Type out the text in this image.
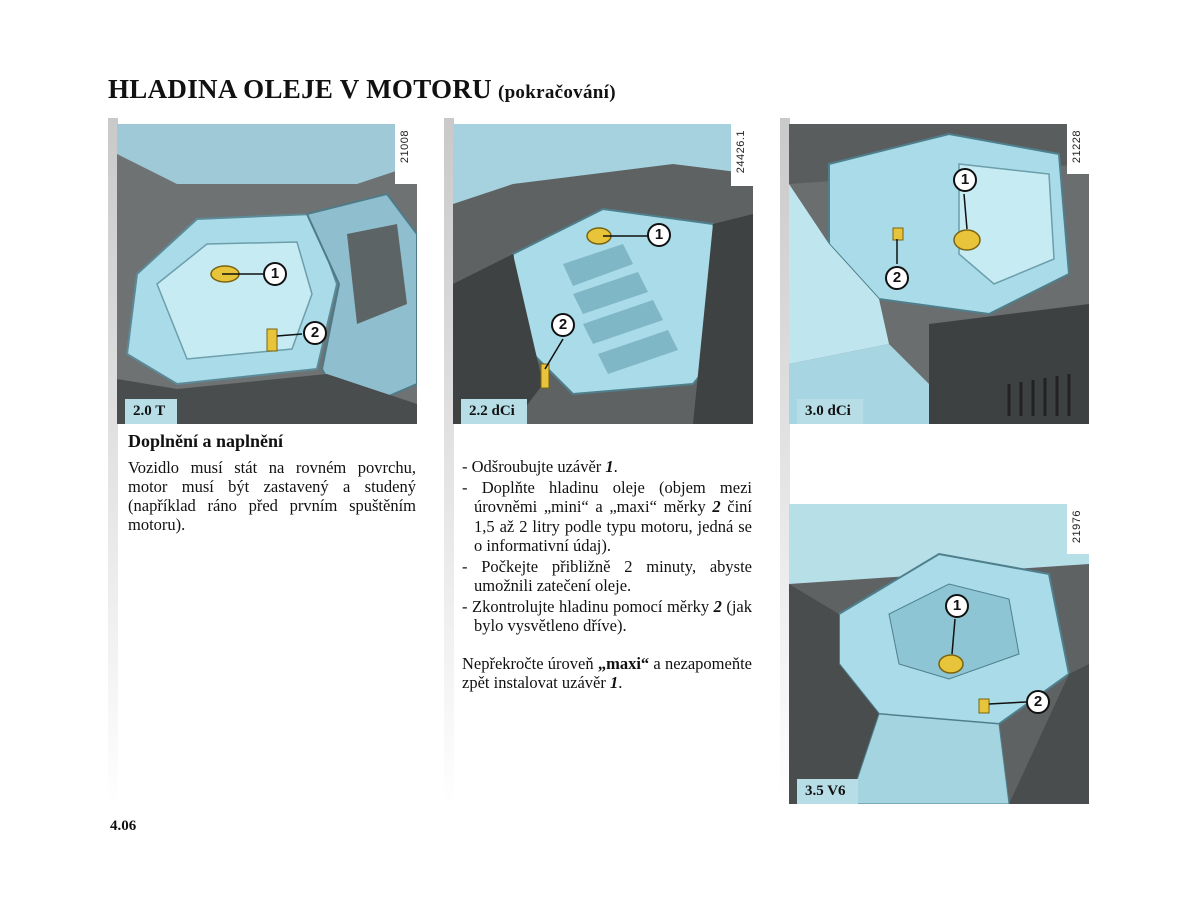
HLADINA OLEJE V MOTORU (pokračování)
1
2
21008
2.0 T
1
2
24426.1
2.2 dCi
1
2
21228
3.0 dCi
1
2
21976
3.5 V6
Doplnění a naplnění
Vozidlo musí stát na rovném povrchu, motor musí být zastavený a studený (například ráno před prvním spuštěním motoru).
- Odšroubujte uzávěr 1.
- Doplňte hladinu oleje (objem mezi úrovněmi „mini“ a „maxi“ měrky 2 činí 1,5 až 2 litry podle typu motoru, jedná se o informativní údaj).
- Počkejte přibližně 2 minuty, abyste umožnili zatečení oleje.
- Zkontrolujte hladinu pomocí měrky 2 (jak bylo vysvětleno dříve).
Nepřekročte úroveň „maxi“ a nezapomeňte zpět instalovat uzávěr 1.
4.06
